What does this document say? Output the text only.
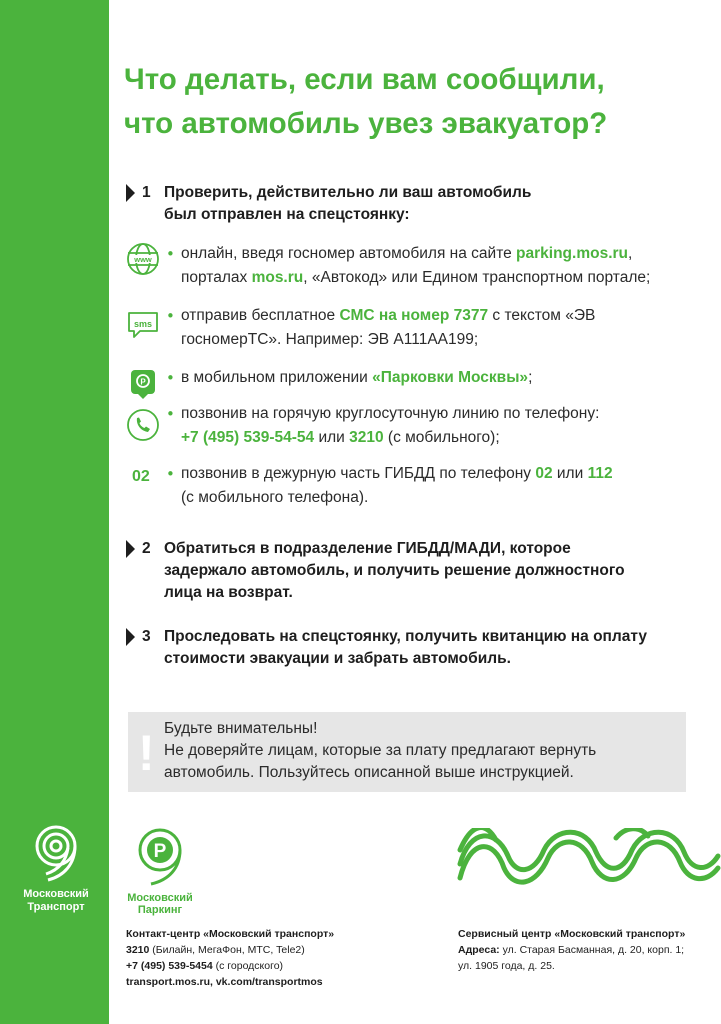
Московский
Транспорт
Что делать, если вам сообщили,
что автомобиль увез эвакуатор?
1 Проверить, действительно ли ваш автомобиль
был отправлен на спецстоянку:
www • онлайн, введя госномер автомобиля на сайте parking.mos.ru,
порталах mos.ru, «Автокод» или Едином транспортном портале;
sms • отправив бесплатное СМС на номер 7377 с текстом «ЭВ
госномерТС». Например: ЭВ А111АА199;
P • в мобильном приложении «Парковки Москвы»;
• позвонив на горячую круглосуточную линию по телефону:
+7 (495) 539-54-54 или 3210 (с мобильного);
02	• позвонив в дежурную часть ГИБДД по телефону 02 или 112
(с мобильного телефона).
2 Обратиться в подразделение ГИБДД/МАДИ, которое
задержало автомобиль, и получить решение должностного
лица на возврат.
3 Проследовать на спецстоянку, получить квитанцию на оплату
стоимости эвакуации и забрать автомобиль.
! Будьте внимательны!
Не доверяйте лицам, которые за плату предлагают вернуть
автомобиль. Пользуйтесь описанной выше инструкцией.
P
Московский
Паркинг
Контакт-центр «Московский транспорт»
3210 (Билайн, МегаФон, МТС, Tele2)
+7 (495) 539-5454 (с городского)
transport.mos.ru, vk.com/transportmos
Сервисный центр «Московский транспорт»
Адреса: ул. Старая Басманная, д. 20, корп. 1;
ул. 1905 года, д. 25.
